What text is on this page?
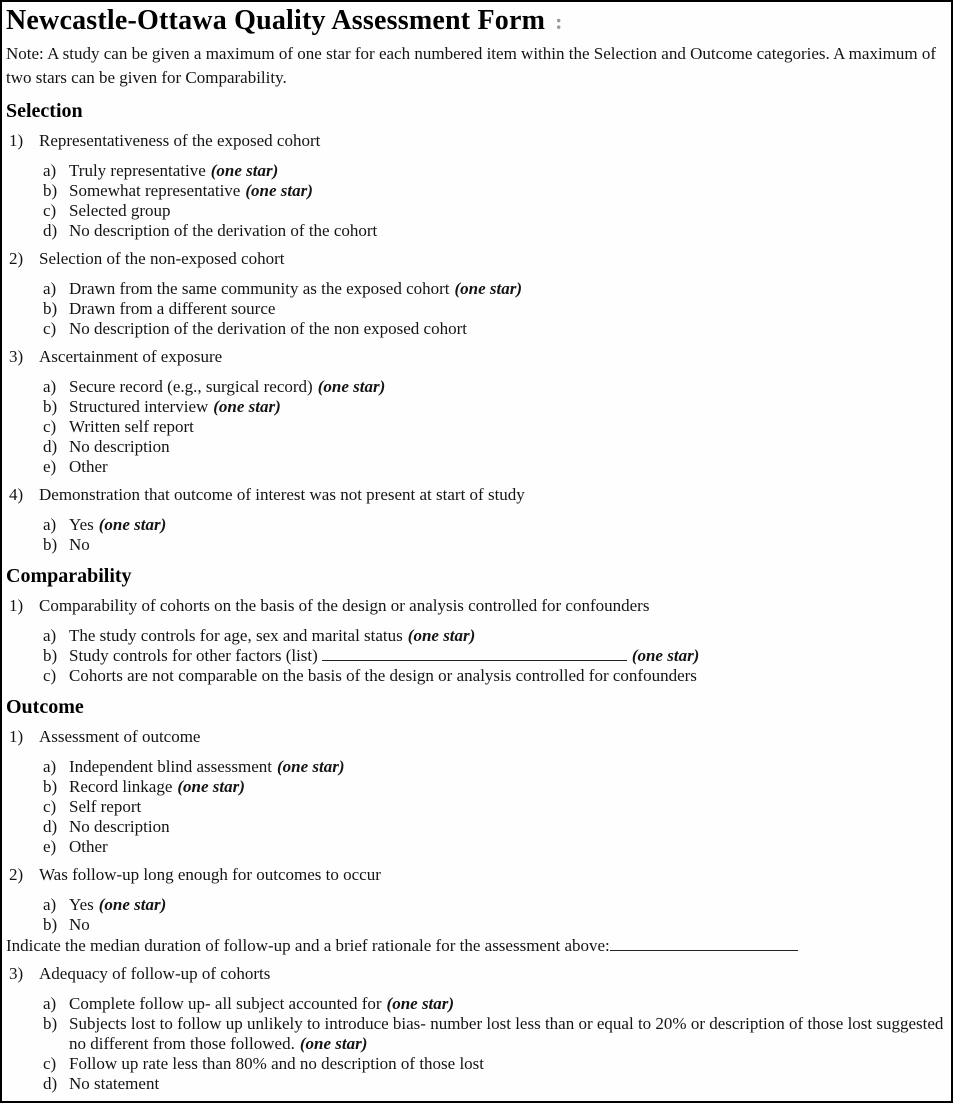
Newcastle-Ottawa Quality Assessment Form :

Note: A study can be given a maximum of one star for each numbered item within the Selection and Outcome categories. A maximum of two stars can be given for Comparability.

Selection
1) Representativeness of the exposed cohort
a) Truly representative (one star)
b) Somewhat representative (one star)
c) Selected group
d) No description of the derivation of the cohort
2) Selection of the non-exposed cohort
a) Drawn from the same community as the exposed cohort (one star)
b) Drawn from a different source
c) No description of the derivation of the non exposed cohort
3) Ascertainment of exposure
a) Secure record (e.g., surgical record) (one star)
b) Structured interview (one star)
c) Written self report
d) No description
e) Other
4) Demonstration that outcome of interest was not present at start of study
a) Yes (one star)
b) No
Comparability
1) Comparability of cohorts on the basis of the design or analysis controlled for confounders
a) The study controls for age, sex and marital status (one star)
b) Study controls for other factors (list)	(one star)
c) Cohorts are not comparable on the basis of the design or analysis controlled for confounders
Outcome
1) Assessment of outcome
a) Independent blind assessment (one star)
b) Record linkage (one star)
c) Self report
d) No description
e) Other
2) Was follow-up long enough for outcomes to occur
a) Yes (one star)
b) No

Indicate the median duration of follow-up and a brief rationale for the assessment above:

3) Adequacy of follow-up of cohorts
a) Complete follow up- all subject accounted for (one star)
b) Subjects lost to follow up unlikely to introduce bias- number lost less than or equal to 20% or description of those lost suggested no different from those followed. (one star)
c) Follow up rate less than 80% and no description of those lost
d) No statement
